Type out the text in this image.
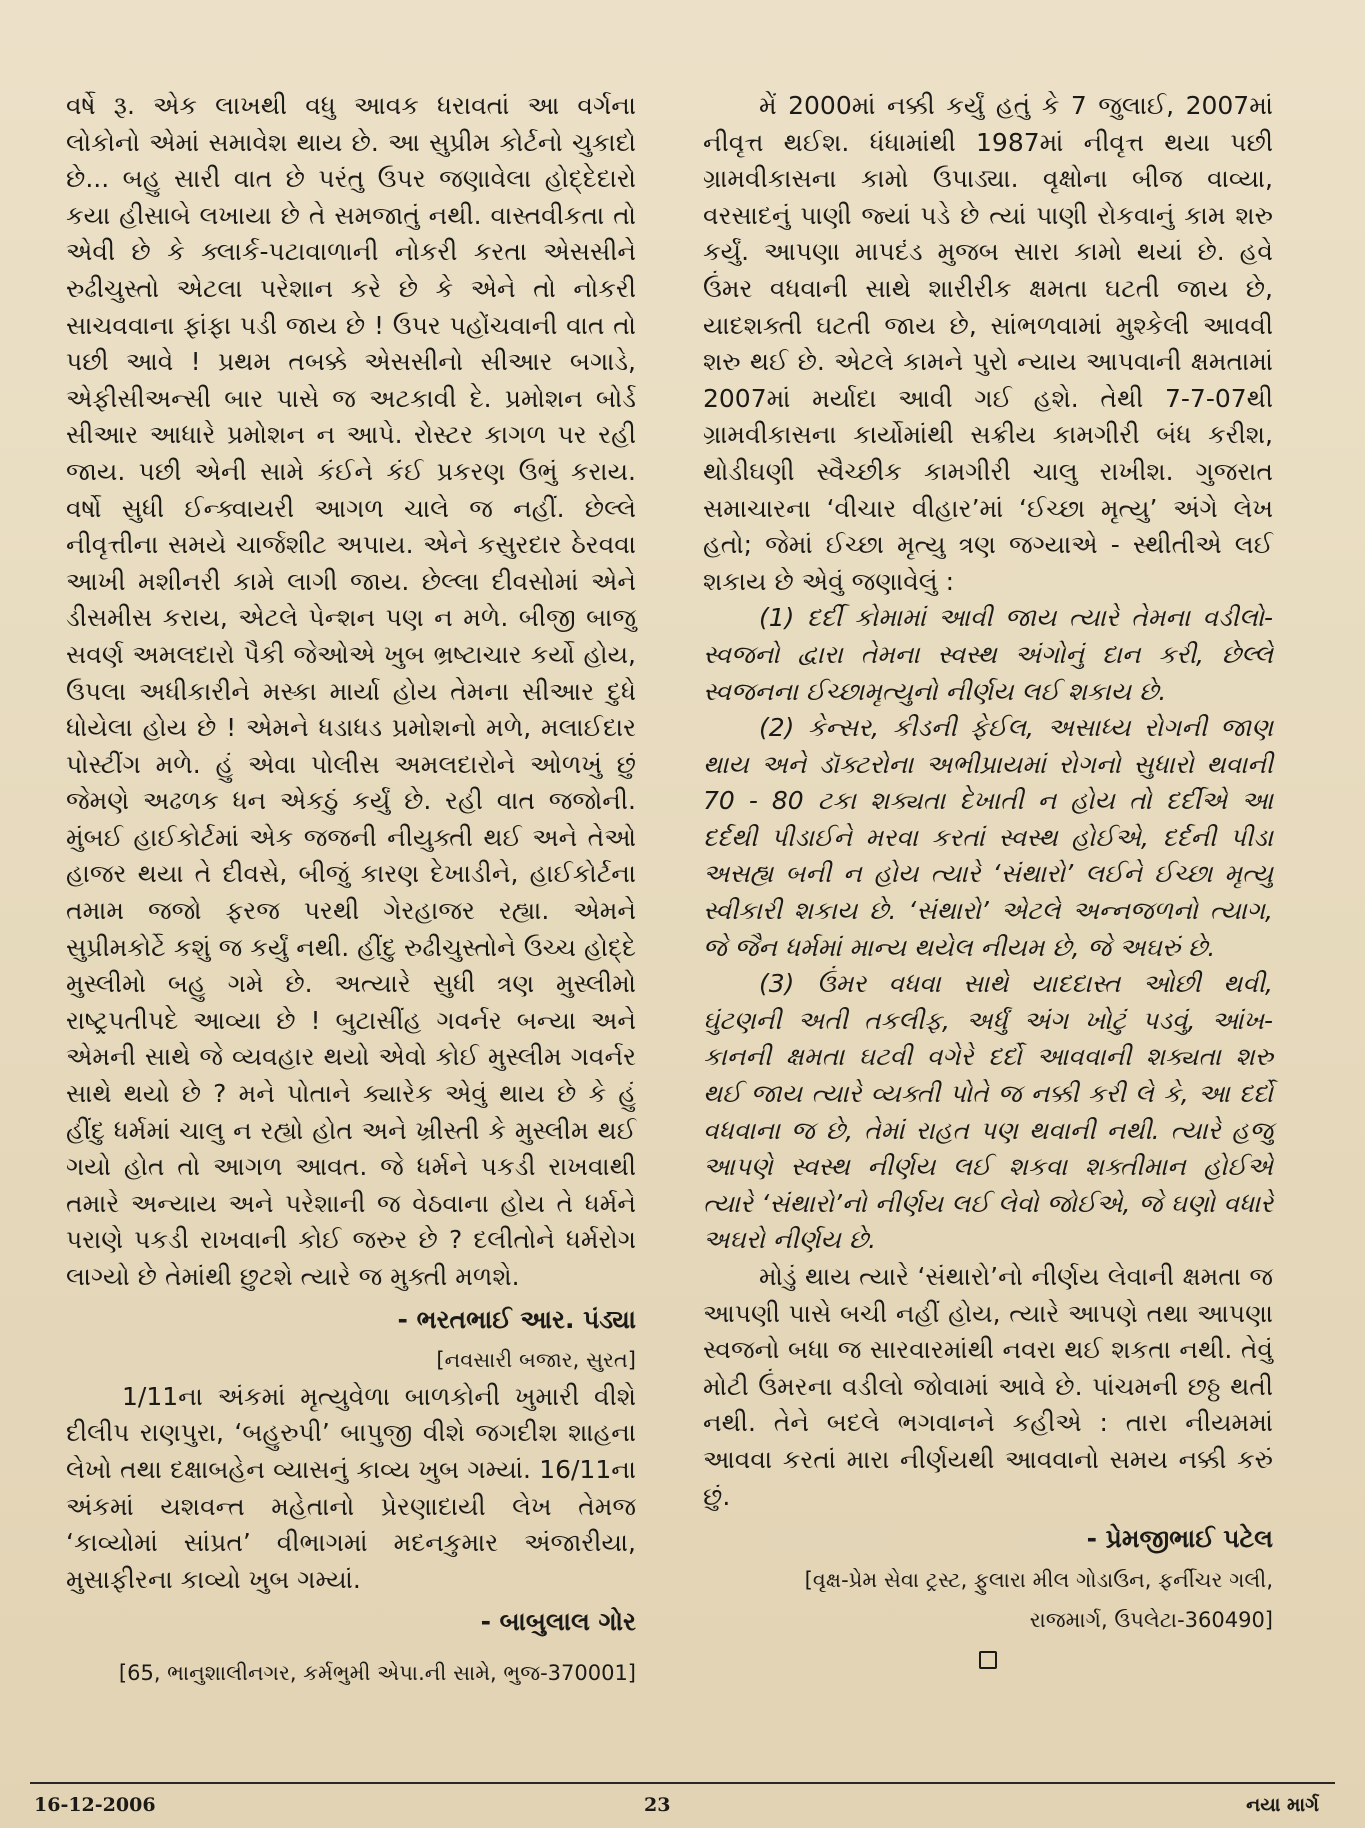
વર્ષે રૂ. એક લાખથી વધુ આવક ધરાવતાં આ વર્ગના લોકોનો એમાં સમાવેશ થાય છે. આ સુપ્રીમ કોર્ટનો ચુકાદો છે... બહુ સારી વાત છે પરંતુ ઉપર જણાવેલા હોદ્દેદારો કયા હીસાબે લખાયા છે તે સમજાતું નથી. વાસ્તવીકતા તો એવી છે કે ક્લાર્ક-પટાવાળાની નોકરી કરતા એસસીને રુઢીચુસ્તો એટલા પરેશાન કરે છે કે એને તો નોકરી સાચવવાના ફાંફા પડી જાય છે ! ઉપર પહોંચવાની વાત તો પછી આવે ! પ્રથમ તબક્કે એસસીનો સીઆર બગાડે, એફીસીઅન્સી બાર પાસે જ અટકાવી દે. પ્રમોશન બોર્ડ સીઆર આધારે પ્રમોશન ન આપે. રોસ્ટર કાગળ પર રહી જાય. પછી એની સામે કંઈને કંઈ પ્રકરણ ઉભું કરાય. વર્ષો સુધી ઈન્ક્વાયરી આગળ ચાલે જ નહીં. છેલ્લે નીવૃત્તીના સમયે ચાર્જશીટ અપાય. એને કસુરદાર ઠેરવવા આખી મશીનરી કામે લાગી જાય. છેલ્લા દીવસોમાં એને ડીસમીસ કરાય, એટલે પેન્શન પણ ન મળે. બીજી બાજુ સવર્ણ અમલદારો પૈકી જેઓએ ખુબ ભ્રષ્ટાચાર કર્યો હોય, ઉપલા અધીકારીને મસ્કા માર્યા હોય તેમના સીઆર દુધે ધોયેલા હોય છે ! એમને ધડાધડ પ્રમોશનો મળે, મલાઈદાર પોસ્ટીંગ મળે. હું એવા પોલીસ અમલદારોને ઓળખું છું જેમણે અઢળક ધન એકઠું કર્યું છે. રહી વાત જજોની. મુંબઈ હાઈકોર્ટમાં એક જજની નીયુક્તી થઈ અને તેઓ હાજર થયા તે દીવસે, બીજું કારણ દેખાડીને, હાઈકોર્ટના તમામ જજો ફરજ પરથી ગેરહાજર રહ્યા. એમને સુપ્રીમકોર્ટે કશું જ કર્યું નથી. હીંદુ રુઢીચુસ્તોને ઉચ્ચ હોદ્દે મુસ્લીમો બહુ ગમે છે. અત્યારે સુધી ત્રણ મુસ્લીમો રાષ્ટ્રપતીપદે આવ્યા છે ! બુટાસીંહ ગવર્નર બન્યા અને એમની સાથે જે વ્યવહાર થયો એવો કોઈ મુસ્લીમ ગવર્નર સાથે થયો છે ? મને પોતાને ક્યારેક એવું થાય છે કે હું હીંદુ ધર્મમાં ચાલુ ન રહ્યો હોત અને ખ્રીસ્તી કે મુસ્લીમ થઈ ગયો હોત તો આગળ આવત. જે ધર્મને પકડી રાખવાથી તમારે અન્યાય અને પરેશાની જ વેઠવાના હોય તે ધર્મને પરાણે પકડી રાખવાની કોઈ જરુર છે ? દલીતોને ધર્મરોગ લાગ્યો છે તેમાંથી છુટશે ત્યારે જ મુક્તી મળશે.

- ભરતભાઈ આર. પંડ્યા
[નવસારી બજાર, સુરત]

1/11ના અંકમાં મૃત્યુવેળા બાળકોની ખુમારી વીશે દીલીપ રાણપુરા, ‘બહુરુપી’ બાપુજી વીશે જગદીશ શાહના લેખો તથા દક્ષાબહેન વ્યાસનું કાવ્ય ખુબ ગમ્યાં. 16/11ના અંકમાં યશવન્ત મહેતાનો પ્રેરણાદાયી લેખ તેમજ ‘કાવ્યોમાં સાંપ્રત’ વીભાગમાં મદનકુમાર અંજારીયા, મુસાફીરના કાવ્યો ખુબ ગમ્યાં.

- બાબુલાલ ગોર
[65, ભાનુશાલીનગર, કર્મભુમી એપા.ની સામે, ભુજ-370001]

મેં 2000માં નક્કી કર્યું હતું કે 7 જુલાઈ, 2007માં નીવૃત્ત થઈશ. ધંધામાંથી 1987માં નીવૃત્ત થયા પછી ગ્રામવીકાસના કામો ઉપાડ્યા. વૃક્ષોના બીજ વાવ્યા, વરસાદનું પાણી જ્યાં પડે છે ત્યાં પાણી રોકવાનું કામ શરુ કર્યું. આપણા માપદંડ મુજબ સારા કામો થયાં છે. હવે ઉંમર વધવાની સાથે શારીરીક ક્ષમતા ઘટતી જાય છે, યાદશક્તી ઘટતી જાય છે, સાંભળવામાં મુશ્કેલી આવવી શરુ થઈ છે. એટલે કામને પુરો ન્યાય આપવાની ક્ષમતામાં 2007માં મર્યાદા આવી ગઈ હશે. તેથી 7-7-07થી ગ્રામવીકાસના કાર્યોમાંથી સક્રીય કામગીરી બંધ કરીશ, થોડીઘણી સ્વૈચ્છીક કામગીરી ચાલુ રાખીશ. ગુજરાત સમાચારના ‘વીચાર વીહાર’માં ‘ઈચ્છા મૃત્યુ’ અંગે લેખ હતો; જેમાં ઈચ્છા મૃત્યુ ત્રણ જગ્યાએ - સ્થીતીએ લઈ શકાય છે એવું જણાવેલું :

(1) દર્દી કોમામાં આવી જાય ત્યારે તેમના વડીલો-સ્વજનો દ્વારા તેમના સ્વસ્થ અંગોનું દાન કરી, છેલ્લે સ્વજનના ઈચ્છામૃત્યુનો નીર્ણય લઈ શકાય છે.

(2) કેન્સર, કીડની ફેઈલ, અસાધ્ય રોગની જાણ થાય અને ડૉક્ટરોના અભીપ્રાયમાં રોગનો સુધારો થવાની 70 - 80 ટકા શક્યતા દેખાતી ન હોય તો દર્દીએ આ દર્દથી પીડાઈને મરવા કરતાં સ્વસ્થ હોઈએ, દર્દની પીડા અસહ્ય બની ન હોય ત્યારે ‘સંથારો’ લઈને ઈચ્છા મૃત્યુ સ્વીકારી શકાય છે. ‘સંથારો’ એટલે અન્નજળનો ત્યાગ, જે જૈન ધર્મમાં માન્ય થયેલ નીયમ છે, જે અઘરું છે.

(3) ઉંમર વધવા સાથે યાદદાસ્ત ઓછી થવી, ઘુંટણની અતી તકલીફ, અર્ધું અંગ ખોટું પડવું, આંખ-કાનની ક્ષમતા ઘટવી વગેરે દર્દો આવવાની શક્યતા શરુ થઈ જાય ત્યારે વ્યક્તી પોતે જ નક્કી કરી લે કે, આ દર્દો વધવાના જ છે, તેમાં રાહત પણ થવાની નથી. ત્યારે હજુ આપણે સ્વસ્થ નીર્ણય લઈ શકવા શક્તીમાન હોઈએ ત્યારે ‘સંથારો’નો નીર્ણય લઈ લેવો જોઈએ, જે ઘણો વધારે અઘરો નીર્ણય છે.

મોડું થાય ત્યારે ‘સંથારો’નો નીર્ણય લેવાની ક્ષમતા જ આપણી પાસે બચી નહીં હોય, ત્યારે આપણે તથા આપણા સ્વજનો બધા જ સારવારમાંથી નવરા થઈ શકતા નથી. તેવું મોટી ઉંમરના વડીલો જોવામાં આવે છે. પાંચમની છઠ્ઠ થતી નથી. તેને બદલે ભગવાનને કહીએ : તારા નીયમમાં આવવા કરતાં મારા નીર્ણયથી આવવાનો સમય નક્કી કરું છું.

- પ્રેમજીભાઈ પટેલ
[વૃક્ષ-પ્રેમ સેવા ટ્રસ્ટ, ફુલારા મીલ ગોડાઉન, ફર્નીચર ગલી,
રાજમાર્ગ, ઉપલેટા-360490]
16-12-2006	23	નયા માર્ગ
